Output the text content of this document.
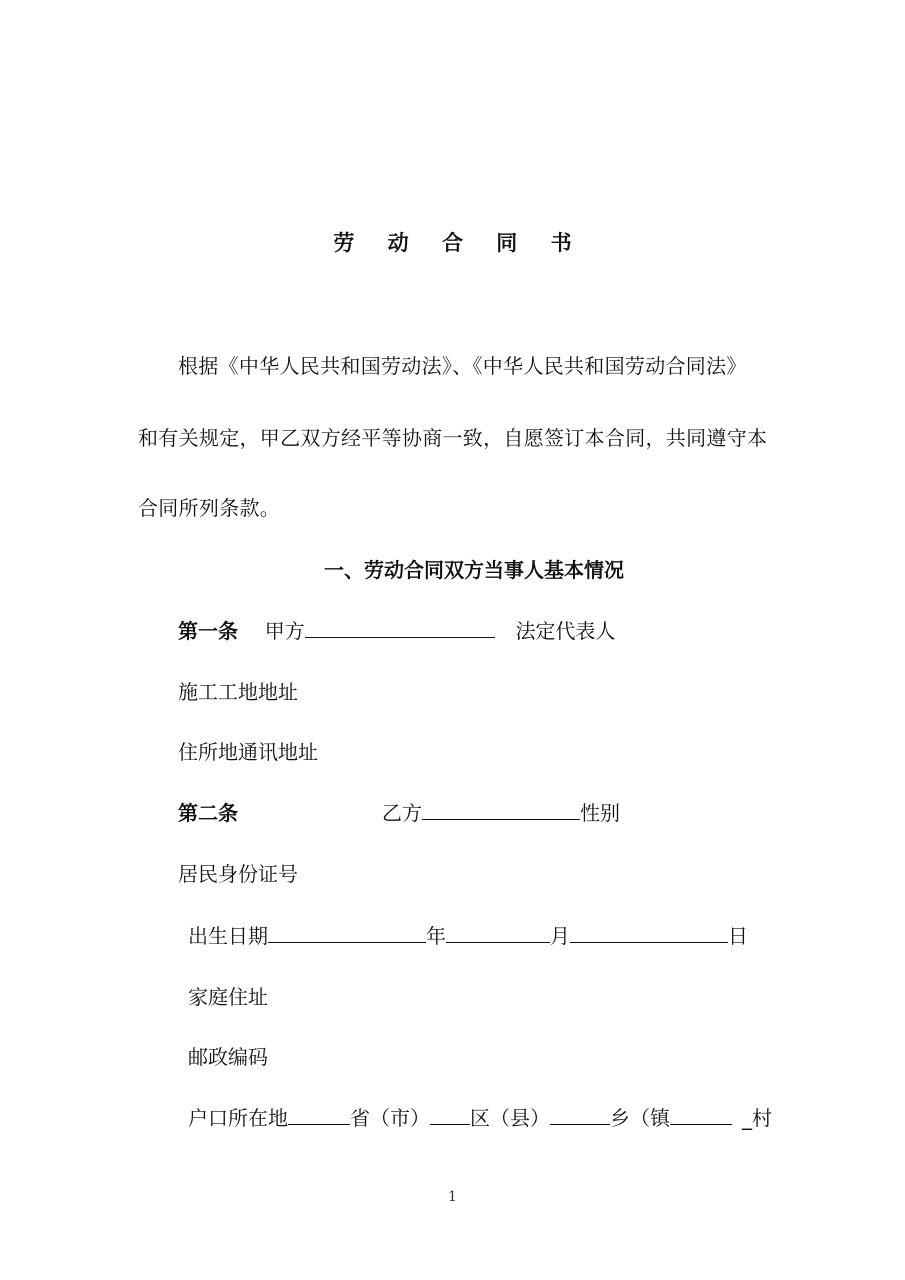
劳 动 合 同 书
根据《中华人民共和国劳动法》、《中华人民共和国劳动合同法》
和有关规定，甲乙双方经平等协商一致，自愿签订本合同，共同遵守本
合同所列条款。
一、劳动合同双方当事人基本情况
第一条 甲方	法定代表人
施工工地地址
住所地通讯地址
第二条	乙方	性别
居民身份证号
出生日期	年	月	日
家庭住址
邮政编码
户口所在地	省（市） 区（县）	乡（镇	_村
1
